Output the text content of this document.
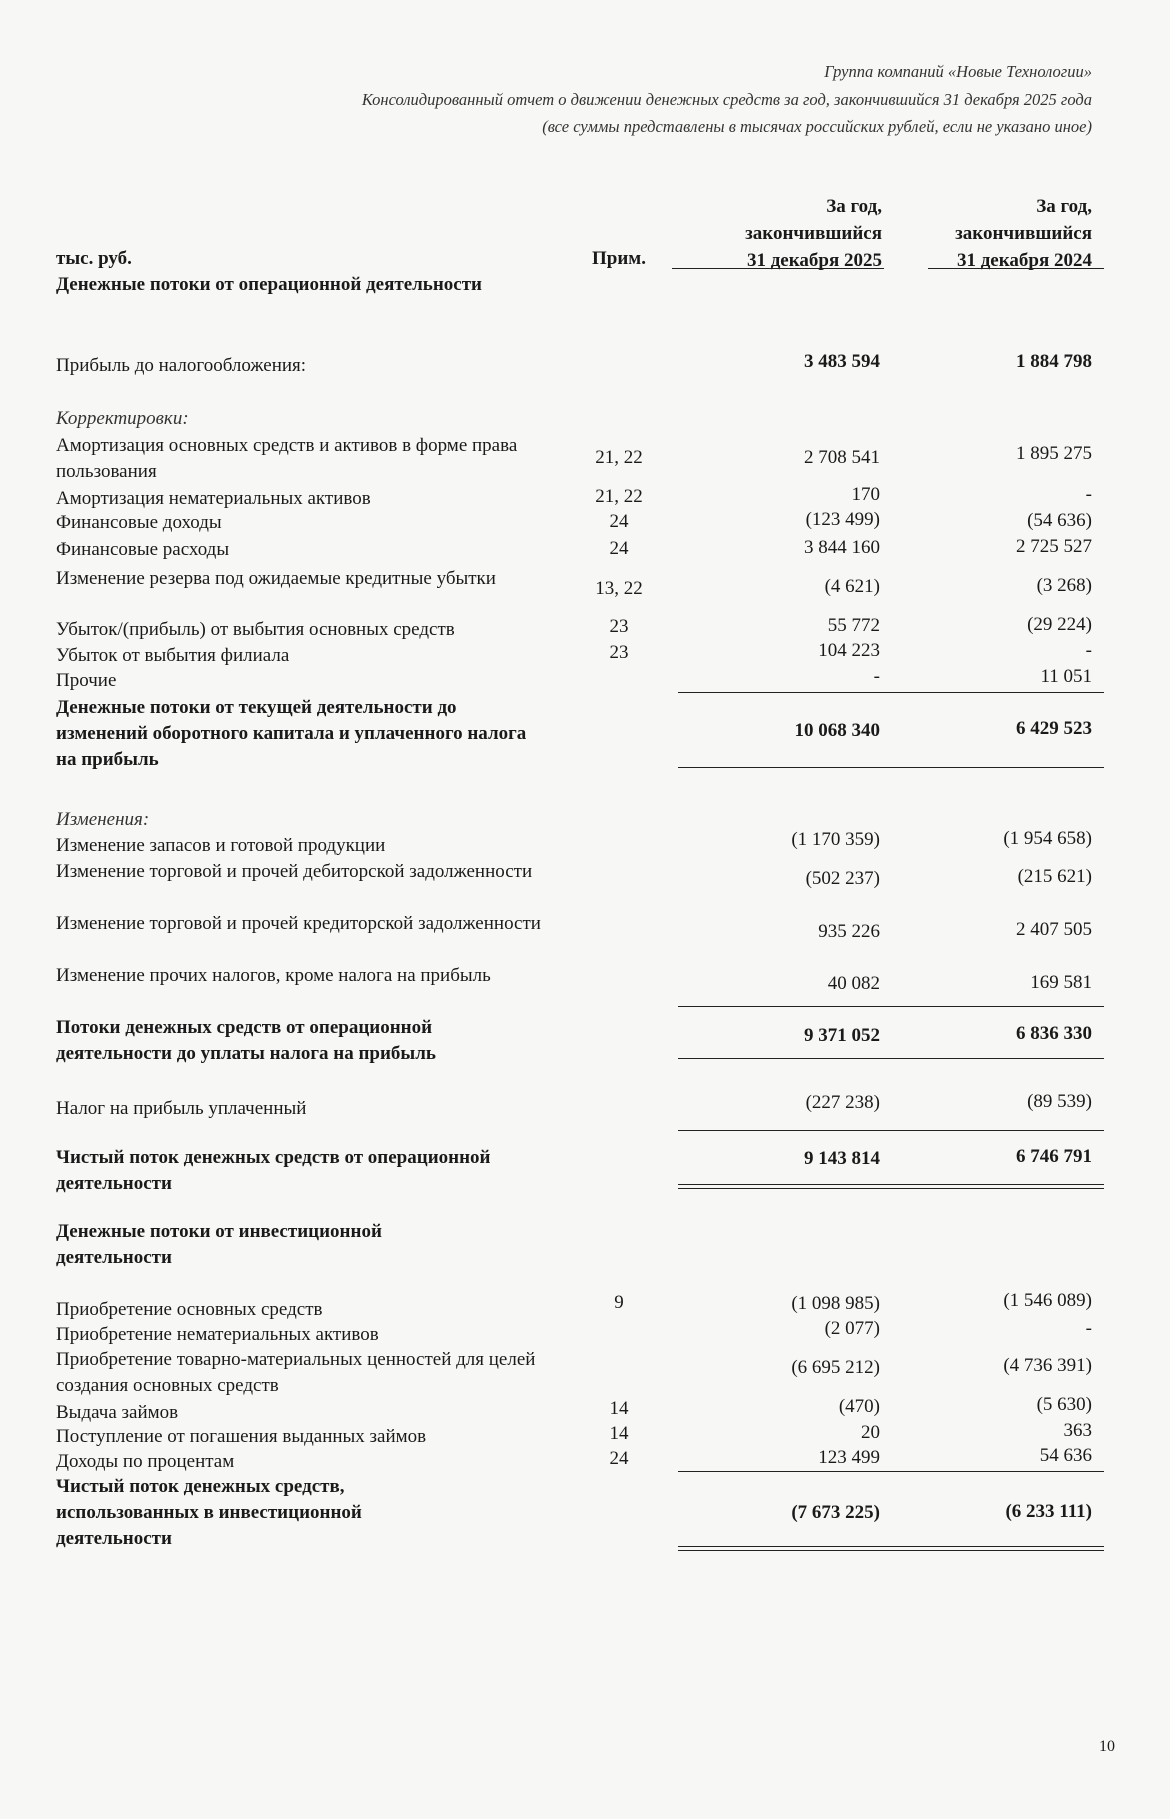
Группа компаний «Новые Технологии»
Консолидированный отчет о движении денежных средств за год, закончившийся 31 декабря 2025 года
(все суммы представлены в тысячах российских рублей, если не указано иное)
тыс. руб.	Прим.
За год,
закончившийся
31 декабря 2025
За год,
закончившийся
31 декабря 2024
Денежные потоки от операционной деятельности
Прибыль до налогообложения:	3 483 594	1 884 798
Корректировки:
Амортизация основных средств и активов в форме права пользования
21, 22	2 708 541	1 895 275
Амортизация нематериальных активов	21, 22	170	-
Финансовые доходы	24	(123 499)	(54 636)
Финансовые расходы	24	3 844 160	2 725 527
Изменение резерва под ожидаемые кредитные убытки	13, 22	(4 621)	(3 268)
Убыток/(прибыль) от выбытия основных средств	23	55 772	(29 224)
Убыток от выбытия филиала	23	104 223	-
Прочие	-	11 051
Денежные потоки от текущей деятельности до изменений оборотного капитала и уплаченного налога на прибыль
10 068 340	6 429 523
Изменения:
Изменение запасов и готовой продукции	(1 170 359)	(1 954 658)
Изменение торговой и прочей дебиторской задолженности	(502 237)	(215 621)
Изменение торговой и прочей кредиторской задолженности	935 226	2 407 505
Изменение прочих налогов, кроме налога на прибыль	40 082	169 581
Потоки денежных средств от операционной деятельности до уплаты налога на прибыль
9 371 052	6 836 330
Налог на прибыль уплаченный	(227 238)	(89 539)
Чистый поток денежных средств от операционной деятельности
9 143 814	6 746 791
Денежные потоки от инвестиционной деятельности
Приобретение основных средств	9	(1 098 985)	(1 546 089)
Приобретение нематериальных активов	(2 077)	-
Приобретение товарно-материальных ценностей для целей создания основных средств
(6 695 212)	(4 736 391)
Выдача займов	14	(470)	(5 630)
Поступление от погашения выданных займов	14	20	363
Доходы по процентам	24	123 499	54 636
Чистый поток денежных средств, использованных в инвестиционной деятельности
(7 673 225)	(6 233 111)
10
